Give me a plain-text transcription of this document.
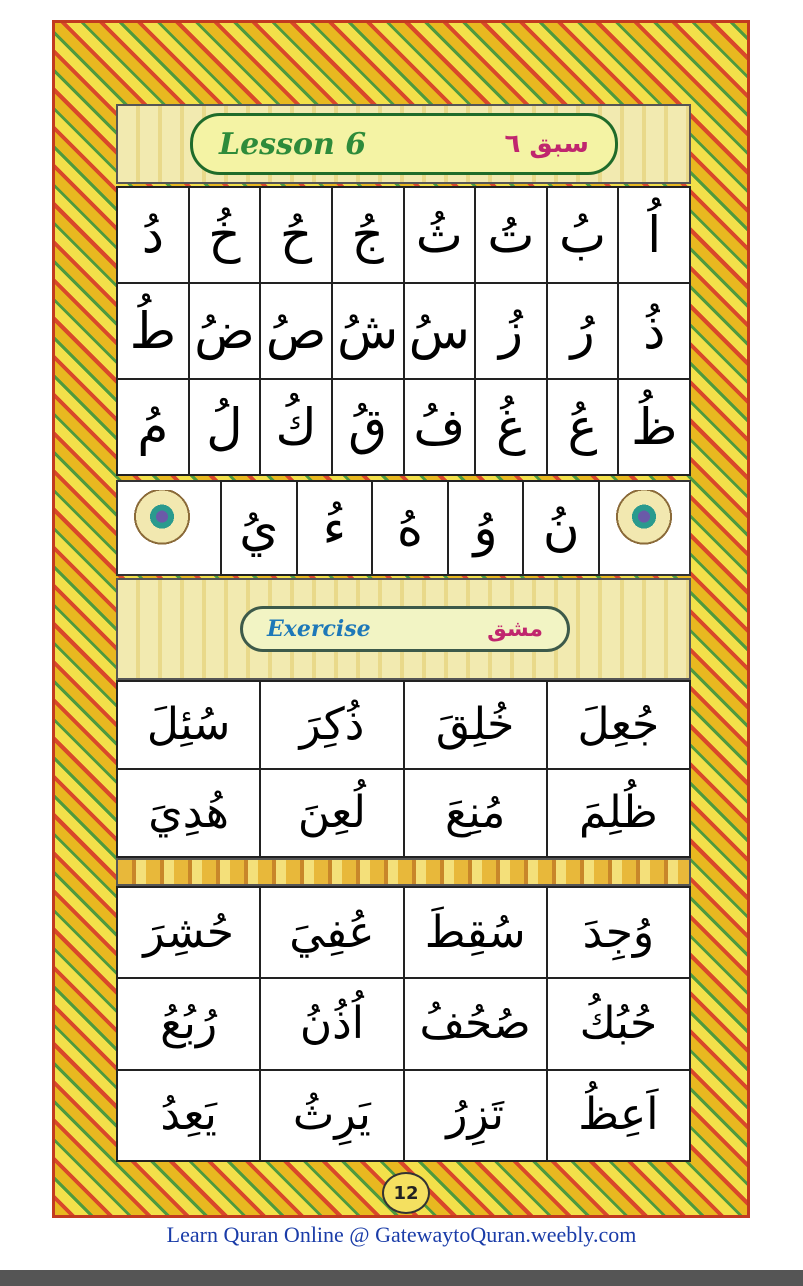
Lesson 6	سبق ٦
اُ
بُ
تُ
ثُ
جُ
حُ
خُ
دُ
ذُ
رُ
زُ
سُ
شُ
صُ
ضُ
طُ
ظُ
عُ
غُ
فُ
قُ
كُ
لُ
مُ
نُ
وُ
هُ
ءُ
يُ
Exercise	مشق
جُعِلَ
خُلِقَ
ذُكِرَ
سُئِلَ
ظُلِمَ
مُنِعَ
لُعِنَ
هُدِيَ
وُجِدَ
سُقِطَ
عُفِيَ
حُشِرَ
حُبُكُ
صُحُفُ
اُذُنُ
رُبُعُ
اَعِظُ
تَزِرُ
يَرِثُ
يَعِدُ
12
Learn Quran Online @ GatewaytoQuran.weebly.com
